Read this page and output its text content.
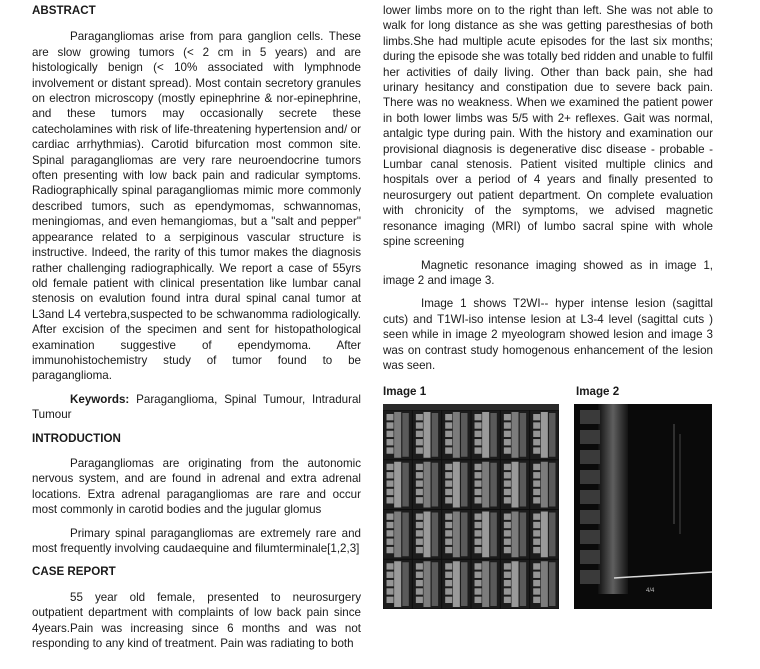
ABSTRACT

Paragangliomas arise from para ganglion cells. These are slow growing tumors (< 2 cm in 5 years) and are histologically benign (< 10% associated with lymphnode involvement or distant spread). Most contain secretory granules on electron microscopy (mostly epinephrine & nor-epinephrine, and these tumors may occasionally secrete these catecholamines with risk of life-threatening hypertension and/ or cardiac arrhythmias). Carotid bifurcation most common site. Spinal paragangliomas are very rare neuroendocrine tumors often presenting with low back pain and radicular symptoms. Radiographically spinal paragangliomas mimic more commonly described tumors, such as ependymomas, schwannomas, meningiomas, and even hemangiomas, but a "salt and pepper" appearance related to a serpiginous vascular structure is instructive. Indeed, the rarity of this tumor makes the diagnosis rather challenging radiographically. We report a case of 55yrs old female patient with clinical presentation like lumbar canal stenosis on evalution found intra dural spinal canal tumor at L3and L4 vertebra,suspected to be schwanomma radiologically. After excision of the specimen and sent for histopathological examination suggestive of ependymoma. After immunohistochemistry study of tumor found to be paraganglioma.

Keywords: Paraganglioma, Spinal Tumour, Intradural Tumour

INTRODUCTION

Paragangliomas are originating from the autonomic nervous system, and are found in adrenal and extra adrenal locations. Extra adrenal paragangliomas are rare and occur most commonly in carotid bodies and the jugular glomus

Primary spinal paragangliomas are extremely rare and most frequently involving caudaequine and filumterminale[1,2,3]

CASE REPORT

55 year old female, presented to neurosurgery outpatient department with complaints of low back pain since 4years.Pain was increasing since 6 months and was not responding to any kind of treatment. Pain was radiating to both

lower limbs more on to the right than left. She was not able to walk for long distance as she was getting paresthesias of both limbs.She had multiple acute episodes for the last six months; during the episode she was totally bed ridden and unable to fulfil her activities of daily living. Other than back pain, she had urinary hesitancy and constipation due to severe back pain. There was no weakness. When we examined the patient power in both lower limbs was 5/5 with 2+ reflexes. Gait was normal, antalgic type during pain. With the history and examination our provisional diagnosis is degenerative disc disease - probable -Lumbar canal stenosis. Patient visited multiple clinics and hospitals over a period of 4 years and finally presented to neurosurgery out patient department. On complete evaluation with chronicity of the symptoms, we advised magnetic resonance imaging (MRI) of lumbo sacral spine with whole spine screening

Magnetic resonance imaging showed as in image 1, image 2 and image 3.

Image 1 shows T2WI-- hyper intense lesion (sagittal cuts) and T1WI-iso intense lesion at L3-4 level (sagittal cuts ) seen while in image 2 myeologram showed lesion and image 3 was on contrast study homogenous enhancement of the lesion was seen.

Image 1	Image 2
4/4
